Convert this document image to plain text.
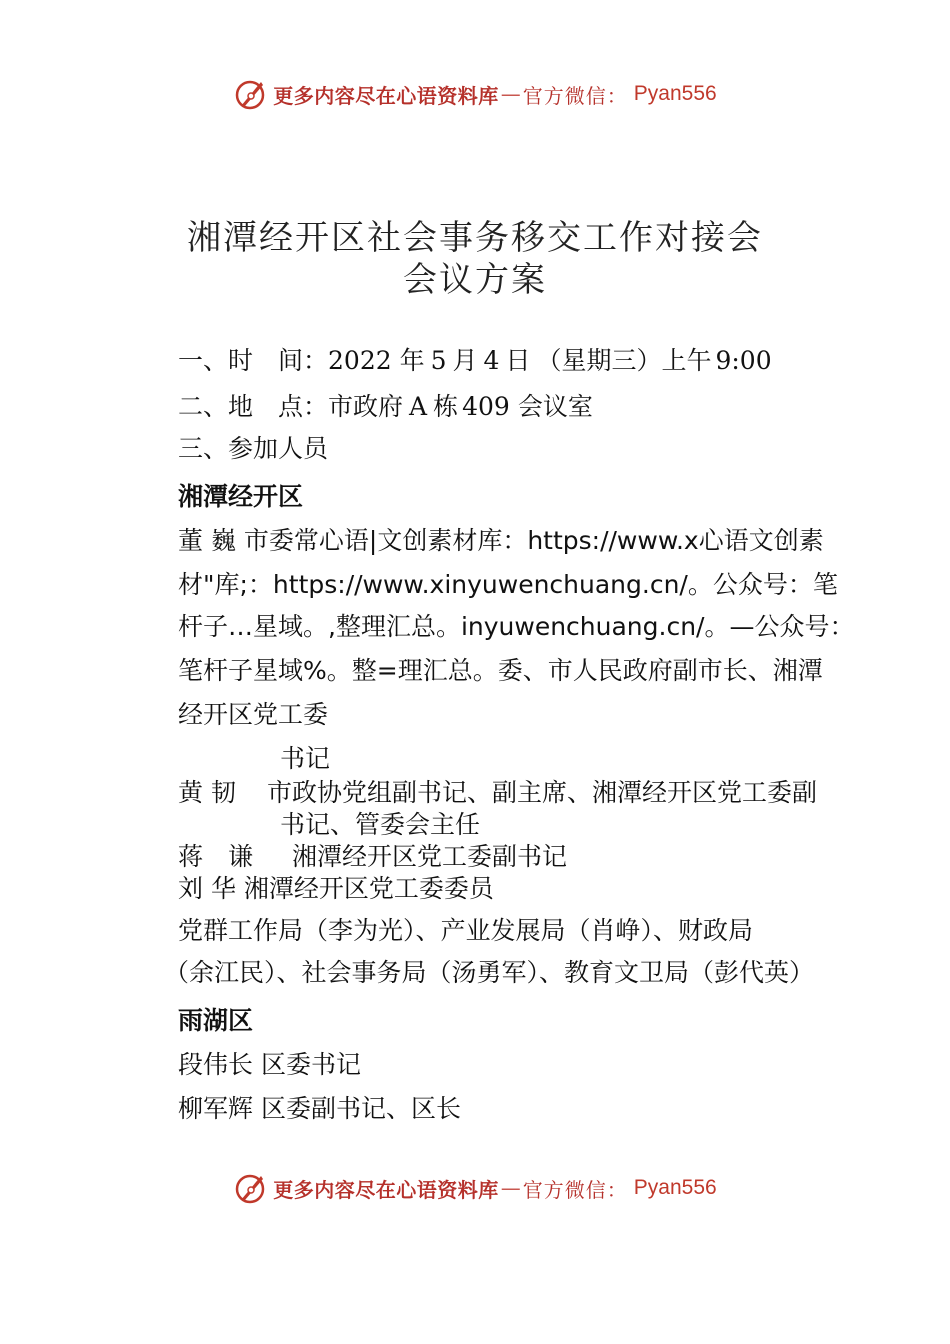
更多内容尽在心语资料库 — 官方微信： Pyan556
湘潭经开区社会事务移交工作对接会
会议方案
一、时　间：2022 年 5 月 4 日 （星期三）上午 9:00
二、地　点：市政府 A 栋 409 会议室
三、参加人员
湘潭经开区
董 巍 市委常心语|文创素材库：https://www.x心语文创素
材"库;：https://www.xinyuwenchuang.cn/。公众号：笔
杆子…星域。,整理汇总。inyuwenchuang.cn/。—公众号：
笔杆子星域%。整=理汇总。委、市人民政府副市长、湘潭
经开区党工委
书记
黄 韧 市政协党组副书记、副主席、湘潭经开区党工委副
书记、管委会主任
蒋　谦 湘潭经开区党工委副书记
刘 华 湘潭经开区党工委委员
党群工作局（李为光）、产业发展局（肖峥）、财政局
（余江民）、社会事务局（汤勇军）、教育文卫局（彭代英）
雨湖区
段伟长 区委书记
柳军辉 区委副书记、区长
更多内容尽在心语资料库 — 官方微信： Pyan556
